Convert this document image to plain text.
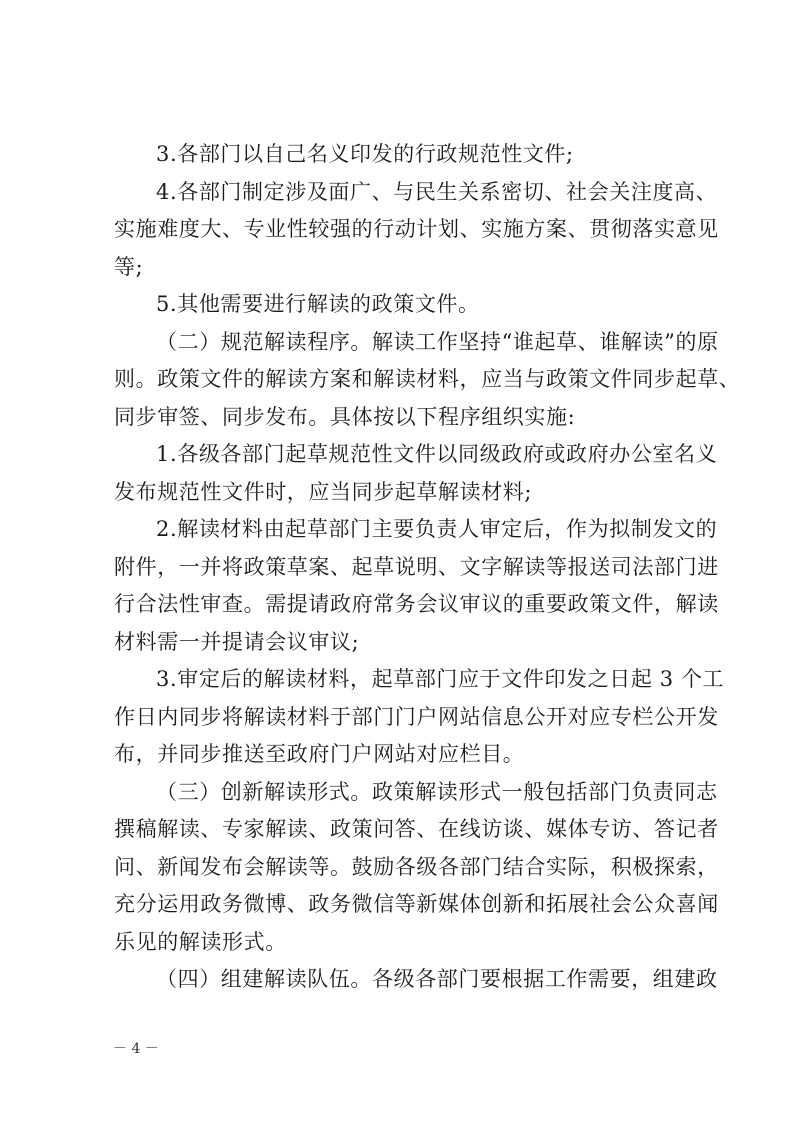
3.各部门以自己名义印发的行政规范性文件;

4.各部门制定涉及面广、与民生关系密切、社会关注度高、
实施难度大、专业性较强的行动计划、实施方案、贯彻落实意见
等;

5.其他需要进行解读的政策文件。

（二）规范解读程序。解读工作坚持“谁起草、谁解读”的原
则。政策文件的解读方案和解读材料，应当与政策文件同步起草、
同步审签、同步发布。具体按以下程序组织实施:

1.各级各部门起草规范性文件以同级政府或政府办公室名义
发布规范性文件时，应当同步起草解读材料;

2.解读材料由起草部门主要负责人审定后，作为拟制发文的
附件，一并将政策草案、起草说明、文字解读等报送司法部门进
行合法性审查。需提请政府常务会议审议的重要政策文件，解读
材料需一并提请会议审议;

3.审定后的解读材料，起草部门应于文件印发之日起 3 个工
作日内同步将解读材料于部门门户网站信息公开对应专栏公开发
布，并同步推送至政府门户网站对应栏目。

（三）创新解读形式。政策解读形式一般包括部门负责同志
撰稿解读、专家解读、政策问答、在线访谈、媒体专访、答记者
问、新闻发布会解读等。鼓励各级各部门结合实际，积极探索，
充分运用政务微博、政务微信等新媒体创新和拓展社会公众喜闻
乐见的解读形式。

（四）组建解读队伍。各级各部门要根据工作需要，组建政

－ 4 －
